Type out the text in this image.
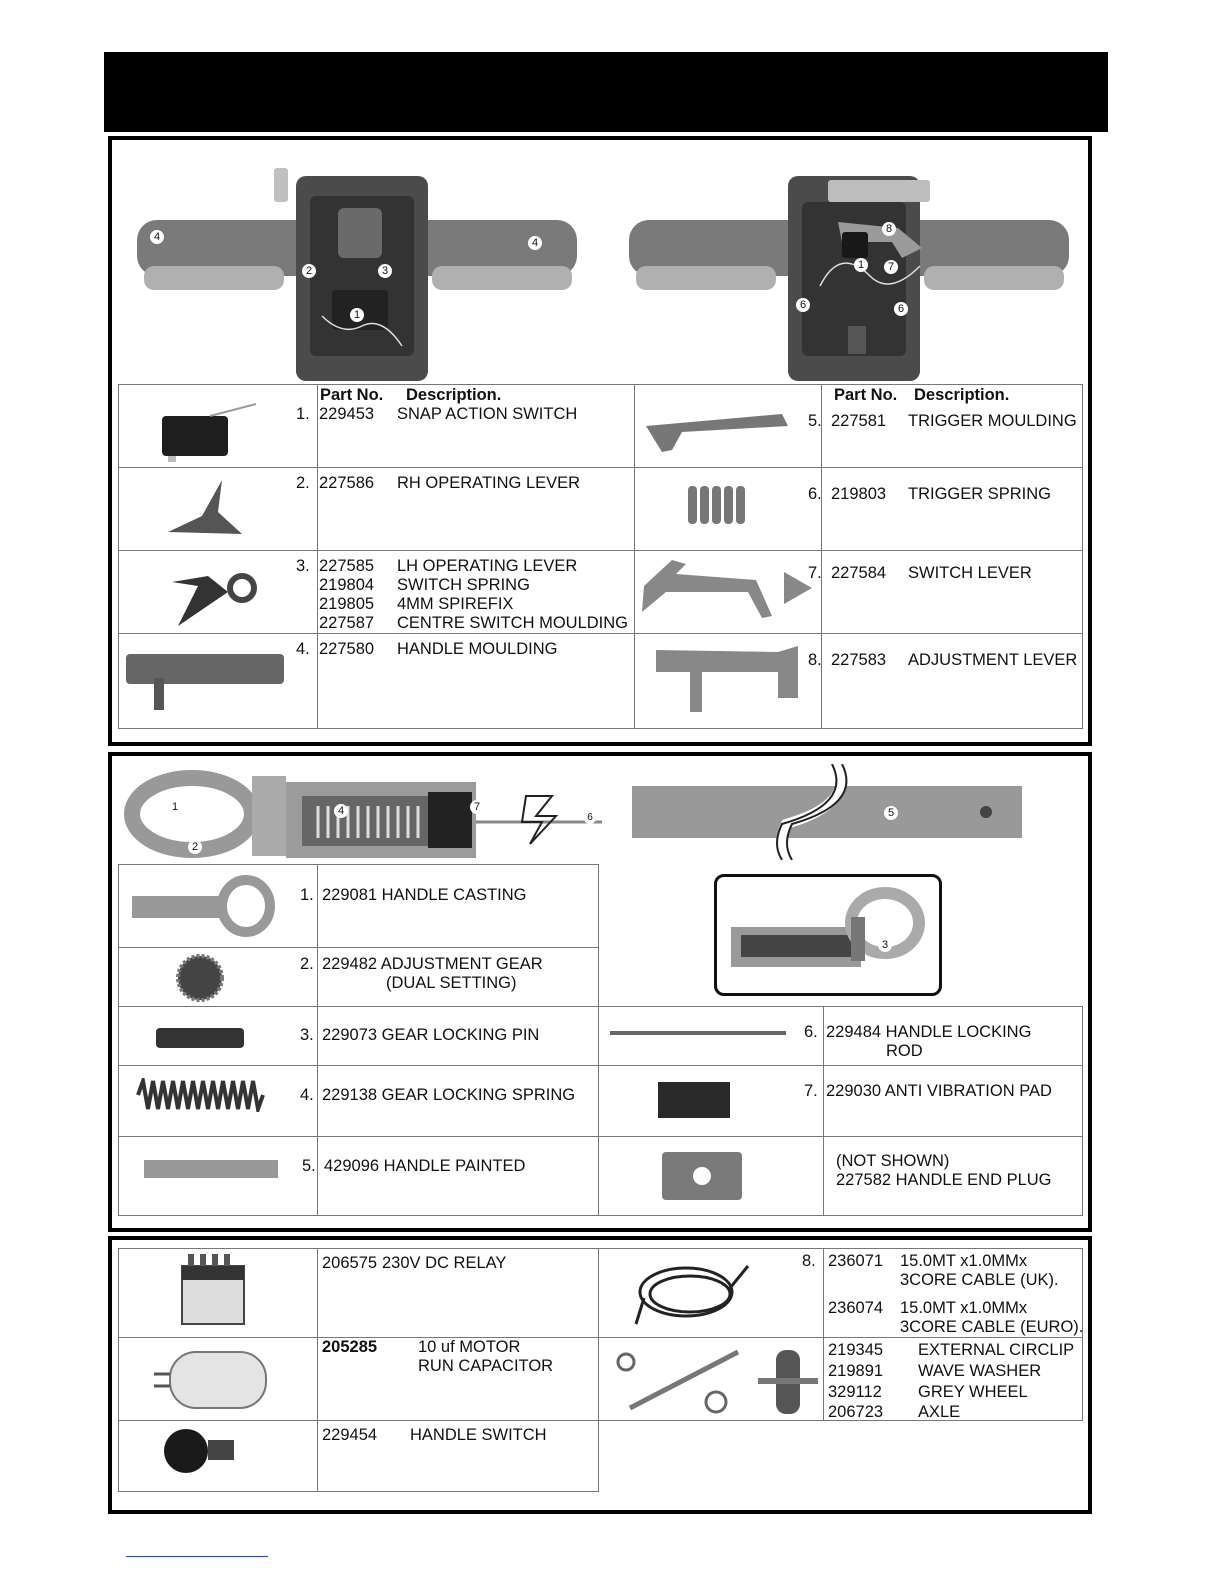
4
2	3
1
4
8
1	7
6	6
Part No. Description.	Part No. Description.
1. 229453 SNAP ACTION SWITCH
2. 227586 RH OPERATING LEVER
3. 227585 LH OPERATING LEVER
219804 SWITCH SPRING
219805 4MM SPIREFIX
227587 CENTRE SWITCH MOULDING
4. 227580 HANDLE MOULDING
5. 227581 TRIGGER MOULDING
6. 219803 TRIGGER SPRING
7. 227584 SWITCH LEVER
8. 227583 ADJUSTMENT LEVER
1
2
4	7
6	5
3
1. 229081 HANDLE CASTING
2. 229482 ADJUSTMENT GEAR
(DUAL SETTING)
3. 229073 GEAR LOCKING PIN
4. 229138 GEAR LOCKING SPRING
5. 429096 HANDLE PAINTED
6. 229484 HANDLE LOCKING
ROD
7. 229030 ANTI VIBRATION PAD
(NOT SHOWN)
227582 HANDLE END PLUG
206575 230V DC RELAY
205285 10 uf MOTOR
RUN CAPACITOR
229454 HANDLE SWITCH
8. 236071 15.0MT x1.0MMx
3CORE CABLE (UK).
236074 15.0MT x1.0MMx
3CORE CABLE (EURO).
219345 EXTERNAL CIRCLIP
219891 WAVE WASHER
329112 GREY WHEEL
206723 AXLE
